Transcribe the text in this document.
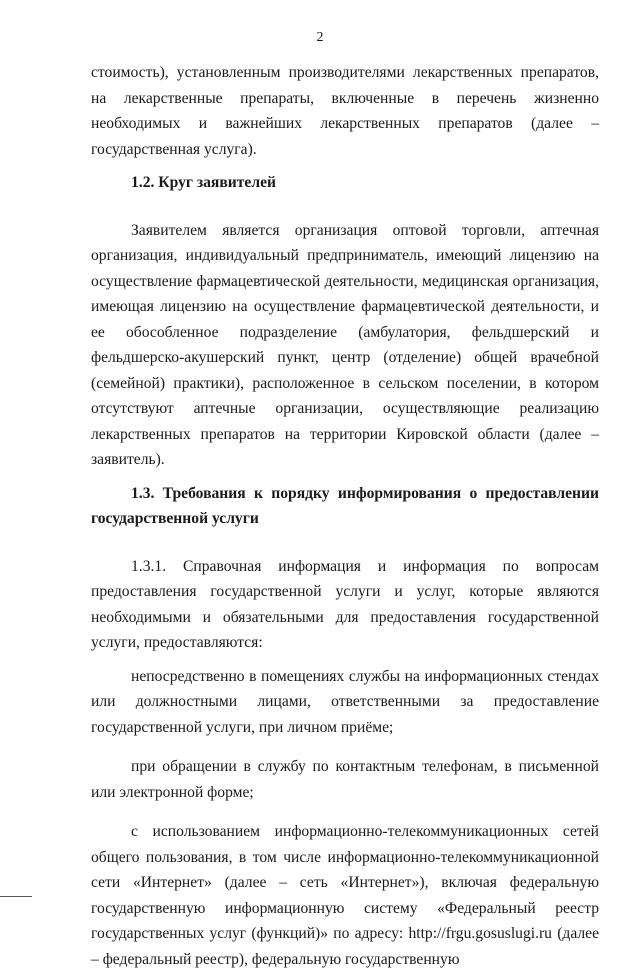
2

стоимость), установленным производителями лекарственных препаратов, на лекарственные препараты, включенные в перечень жизненно необходимых и важнейших лекарственных препаратов (далее – государственная услуга).

1.2. Круг заявителей

Заявителем является организация оптовой торговли, аптечная организация, индивидуальный предприниматель, имеющий лицензию на осуществление фармацевтической деятельности, медицинская организация, имеющая лицензию на осуществление фармацевтической деятельности, и ее обособленное подразделение (амбулатория, фельдшерский и фельдшерско-акушерский пункт, центр (отделение) общей врачебной (семейной) практики), расположенное в сельском поселении, в котором отсутствуют аптечные организации, осуществляющие реализацию лекарственных препаратов на территории Кировской области (далее – заявитель).

1.3. Требования к порядку информирования о предоставлении государственной услуги

1.3.1. Справочная информация и информация по вопросам предоставления государственной услуги и услуг, которые являются необходимыми и обязательными для предоставления государственной услуги, предоставляются:

непосредственно в помещениях службы на информационных стендах или должностными лицами, ответственными за предоставление государственной услуги, при личном приёме;

при обращении в службу по контактным телефонам, в письменной или электронной форме;

с использованием информационно-телекоммуникационных сетей общего пользования, в том числе информационно-телекоммуникационной сети «Интернет» (далее – сеть «Интернет»), включая федеральную государственную информационную систему «Федеральный реестр государственных услуг (функций)» по адресу: http://frgu.gosuslugi.ru (далее – федеральный реестр), федеральную государственную
